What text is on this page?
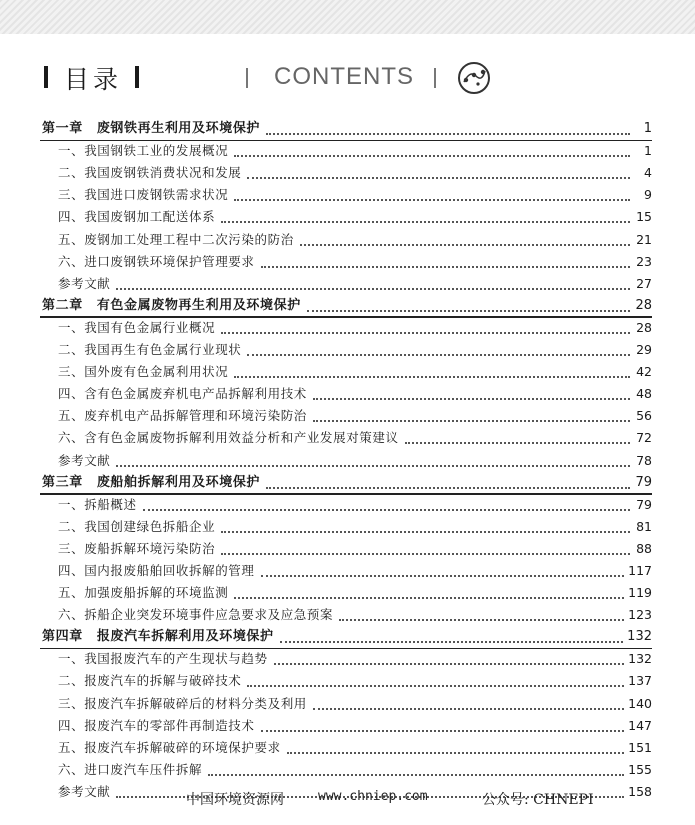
目录	CONTENTS
第一章 废钢铁再生利用及环境保护	1
一、我国钢铁工业的发展概况	1
二、我国废钢铁消费状况和发展	4
三、我国进口废钢铁需求状况	9
四、我国废钢加工配送体系	15
五、废钢加工处理工程中二次污染的防治	21
六、进口废钢铁环境保护管理要求	23
参考文献	27
第二章 有色金属废物再生利用及环境保护	28
一、我国有色金属行业概况	28
二、我国再生有色金属行业现状	29
三、国外废有色金属利用状况	42
四、含有色金属废弃机电产品拆解利用技术	48
五、废弃机电产品拆解管理和环境污染防治	56
六、含有色金属废物拆解利用效益分析和产业发展对策建议	72
参考文献	78
第三章 废船舶拆解利用及环境保护	79
一、拆船概述	79
二、我国创建绿色拆船企业	81
三、废船拆解环境污染防治	88
四、国内报废船舶回收拆解的管理	117
五、加强废船拆解的环境监测	119
六、拆船企业突发环境事件应急要求及应急预案	123
第四章 报废汽车拆解利用及环境保护	132
一、我国报废汽车的产生现状与趋势	132
二、报废汽车的拆解与破碎技术	137
三、报废汽车拆解破碎后的材料分类及利用	140
四、报废汽车的零部件再制造技术	147
五、报废汽车拆解破碎的环境保护要求	151
六、进口废汽车压件拆解	155
参考文献	158
中国环境资源网	www.chniep.com	公众号: CHNEPI
